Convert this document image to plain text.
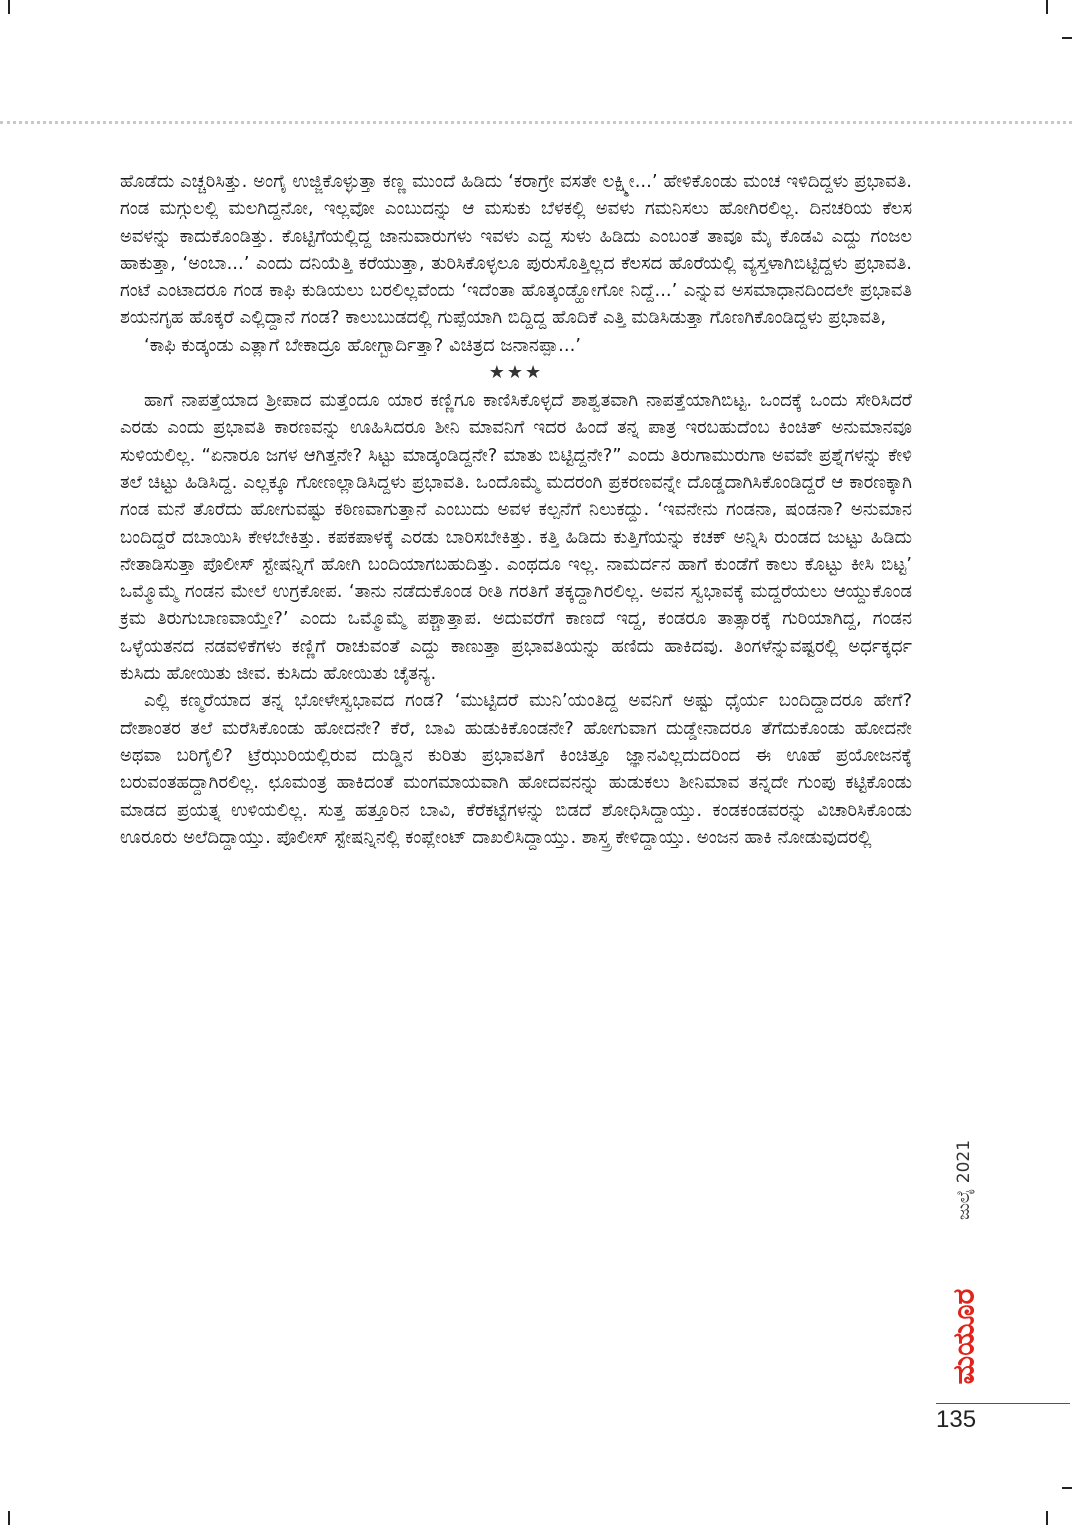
ಹೊಡೆದು ಎಚ್ಚರಿಸಿತ್ತು. ಅಂಗೈ ಉಜ್ಜಿಕೊಳ್ಳುತ್ತಾ ಕಣ್ಣ ಮುಂದೆ ಹಿಡಿದು ‘ಕರಾಗ್ರೇ ವಸತೇ ಲಕ್ಷ್ಮೀ...’ ಹೇಳಿಕೊಂಡು ಮಂಚ ಇಳಿದಿದ್ದಳು ಪ್ರಭಾವತಿ. ಗಂಡ ಮಗ್ಗುಲಲ್ಲಿ ಮಲಗಿದ್ದನೋ, ಇಲ್ಲವೋ ಎಂಬುದನ್ನು ಆ ಮಸುಕು ಬೆಳಕಲ್ಲಿ ಅವಳು ಗಮನಿಸಲು ಹೋಗಿರಲಿಲ್ಲ. ದಿನಚರಿಯ ಕೆಲಸ ಅವಳನ್ನು ಕಾದುಕೊಂಡಿತ್ತು. ಕೊಟ್ಟಿಗೆಯಲ್ಲಿದ್ದ ಜಾನುವಾರುಗಳು ಇವಳು ಎದ್ದ ಸುಳು ಹಿಡಿದು ಎಂಬಂತೆ ತಾವೂ ಮೈ ಕೊಡವಿ ಎದ್ದು ಗಂಜಲ ಹಾಕುತ್ತಾ, ‘ಅಂಬಾ...’ ಎಂದು ದನಿಯೆತ್ತಿ ಕರೆಯುತ್ತಾ, ತುರಿಸಿಕೊಳ್ಳಲೂ ಪುರುಸೊತ್ತಿಲ್ಲದ ಕೆಲಸದ ಹೊರೆಯಲ್ಲಿ ವ್ಯಸ್ತಳಾಗಿಬಿಟ್ಟಿದ್ದಳು ಪ್ರಭಾವತಿ. ಗಂಟೆ ಎಂಟಾದರೂ ಗಂಡ ಕಾಫಿ ಕುಡಿಯಲು ಬರಲಿಲ್ಲವೆಂದು ‘ಇದೆಂತಾ ಹೊತ್ಕಂಡ್ಹೋಗೋ ನಿದ್ದೆ...’ ಎನ್ನುವ ಅಸಮಾಧಾನದಿಂದಲೇ ಪ್ರಭಾವತಿ ಶಯನಗೃಹ ಹೊಕ್ಕರೆ ಎಲ್ಲಿದ್ದಾನೆ ಗಂಡ? ಕಾಲುಬುಡದಲ್ಲಿ ಗುಪ್ಪೆಯಾಗಿ ಬಿದ್ದಿದ್ದ ಹೊದಿಕೆ ಎತ್ತಿ ಮಡಿಸಿಡುತ್ತಾ ಗೊಣಗಿಕೊಂಡಿದ್ದಳು ಪ್ರಭಾವತಿ,

‘ಕಾಫಿ ಕುಡ್ಕಂಡು ಎತ್ಲಾಗೆ ಬೇಕಾದ್ರೂ ಹೋಗ್ಬಾರ್ದಿತ್ತಾ? ವಿಚಿತ್ರದ ಜನಾನಪ್ಪಾ...’

★★★

ಹಾಗೆ ನಾಪತ್ತೆಯಾದ ಶ್ರೀಪಾದ ಮತ್ತೆಂದೂ ಯಾರ ಕಣ್ಣಿಗೂ ಕಾಣಿಸಿಕೊಳ್ಳದೆ ಶಾಶ್ವತವಾಗಿ ನಾಪತ್ತೆಯಾಗಿಬಿಟ್ಟ. ಒಂದಕ್ಕೆ ಒಂದು ಸೇರಿಸಿದರೆ ಎರಡು ಎಂದು ಪ್ರಭಾವತಿ ಕಾರಣವನ್ನು ಊಹಿಸಿದರೂ ಶೀನಿ ಮಾವನಿಗೆ ಇದರ ಹಿಂದೆ ತನ್ನ ಪಾತ್ರ ಇರಬಹುದೆಂಬ ಕಿಂಚಿತ್ ಅನುಮಾನವೂ ಸುಳಿಯಲಿಲ್ಲ. “ಏನಾರೂ ಜಗಳ ಆಗಿತ್ತನೇ? ಸಿಟ್ಟು ಮಾಡ್ಕಂಡಿದ್ದನೇ? ಮಾತು ಬಿಟ್ಟಿದ್ದನೇ?” ಎಂದು ತಿರುಗಾಮುರುಗಾ ಅವವೇ ಪ್ರಶ್ನೆಗಳನ್ನು ಕೇಳಿ ತಲೆ ಚಿಟ್ಟು ಹಿಡಿಸಿದ್ದ. ಎಲ್ಲಕ್ಕೂ ಗೋಣಲ್ಲಾಡಿಸಿದ್ದಳು ಪ್ರಭಾವತಿ. ಒಂದೊಮ್ಮೆ ಮದರಂಗಿ ಪ್ರಕರಣವನ್ನೇ ದೊಡ್ಡದಾಗಿಸಿಕೊಂಡಿದ್ದರೆ ಆ ಕಾರಣಕ್ಕಾಗಿ ಗಂಡ ಮನೆ ತೊರೆದು ಹೋಗುವಷ್ಟು ಕಠಿಣವಾಗುತ್ತಾನೆ ಎಂಬುದು ಅವಳ ಕಲ್ಪನೆಗೆ ನಿಲುಕದ್ದು. ‘ಇವನೇನು ಗಂಡನಾ, ಷಂಡನಾ? ಅನುಮಾನ ಬಂದಿದ್ದರೆ ದಬಾಯಿಸಿ ಕೇಳಬೇಕಿತ್ತು. ಕಪಕಪಾಳಕ್ಕೆ ಎರಡು ಬಾರಿಸಬೇಕಿತ್ತು. ಕತ್ತಿ ಹಿಡಿದು ಕುತ್ತಿಗೆಯನ್ನು ಕಚಕ್ ಅನ್ನಿಸಿ ರುಂಡದ ಜುಟ್ಟು ಹಿಡಿದು ನೇತಾಡಿಸುತ್ತಾ ಪೊಲೀಸ್ ಸ್ಟೇಷನ್ನಿಗೆ ಹೋಗಿ ಬಂದಿಯಾಗಬಹುದಿತ್ತು. ಎಂಥದೂ ಇಲ್ಲ. ನಾಮರ್ದನ ಹಾಗೆ ಕುಂಡೆಗೆ ಕಾಲು ಕೊಟ್ಟು ಕೀಸಿ ಬಿಟ್ಟ’ ಒಮ್ಮೊಮ್ಮೆ ಗಂಡನ ಮೇಲೆ ಉಗ್ರಕೋಪ. ‘ತಾನು ನಡೆದುಕೊಂಡ ರೀತಿ ಗರತಿಗೆ ತಕ್ಕದ್ದಾಗಿರಲಿಲ್ಲ. ಅವನ ಸ್ವಭಾವಕ್ಕೆ ಮದ್ದರೆಯಲು ಆಯ್ದುಕೊಂಡ ಕ್ರಮ ತಿರುಗುಬಾಣವಾಯ್ತೇ?’ ಎಂದು ಒಮ್ಮೊಮ್ಮೆ ಪಶ್ಚಾತ್ತಾಪ. ಅದುವರೆಗೆ ಕಾಣದೆ ಇದ್ದ, ಕಂಡರೂ ತಾತ್ಸಾರಕ್ಕೆ ಗುರಿಯಾಗಿದ್ದ, ಗಂಡನ ಒಳ್ಳೆಯತನದ ನಡವಳಿಕೆಗಳು ಕಣ್ಣಿಗೆ ರಾಚುವಂತೆ ಎದ್ದು ಕಾಣುತ್ತಾ ಪ್ರಭಾವತಿಯನ್ನು ಹಣಿದು ಹಾಕಿದವು. ತಿಂಗಳೆನ್ನುವಷ್ಟರಲ್ಲಿ ಅರ್ಧಕ್ಕರ್ಧ ಕುಸಿದು ಹೋಯಿತು ಜೀವ. ಕುಸಿದು ಹೋಯಿತು ಚೈತನ್ಯ.

ಎಲ್ಲಿ ಕಣ್ಮರೆಯಾದ ತನ್ನ ಭೋಳೇಸ್ವಭಾವದ ಗಂಡ? ‘ಮುಟ್ಟಿದರೆ ಮುನಿ’ಯಂತಿದ್ದ ಅವನಿಗೆ ಅಷ್ಟು ಧೈರ್ಯ ಬಂದಿದ್ದಾದರೂ ಹೇಗೆ? ದೇಶಾಂತರ ತಲೆ ಮರೆಸಿಕೊಂಡು ಹೋದನೇ? ಕೆರೆ, ಬಾವಿ ಹುಡುಕಿಕೊಂಡನೇ? ಹೋಗುವಾಗ ದುಡ್ಡೇನಾದರೂ ತೆಗೆದುಕೊಂಡು ಹೋದನೇ ಅಥವಾ ಬರಿಗೈಲಿ? ಟ್ರೆಝುರಿಯಲ್ಲಿರುವ ದುಡ್ಡಿನ ಕುರಿತು ಪ್ರಭಾವತಿಗೆ ಕಿಂಚಿತ್ತೂ ಜ್ಞಾನವಿಲ್ಲದುದರಿಂದ ಈ ಊಹೆ ಪ್ರಯೋಜನಕ್ಕೆ ಬರುವಂತಹದ್ದಾಗಿರಲಿಲ್ಲ. ಛೂಮಂತ್ರ ಹಾಕಿದಂತೆ ಮಂಗಮಾಯವಾಗಿ ಹೋದವನನ್ನು ಹುಡುಕಲು ಶೀನಿಮಾವ ತನ್ನದೇ ಗುಂಪು ಕಟ್ಟಿಕೊಂಡು ಮಾಡದ ಪ್ರಯತ್ನ ಉಳಿಯಲಿಲ್ಲ. ಸುತ್ತ ಹತ್ತೂರಿನ ಬಾವಿ, ಕೆರೆಕಟ್ಟೆಗಳನ್ನು ಬಿಡದೆ ಶೋಧಿಸಿದ್ದಾಯ್ತು. ಕಂಡಕಂಡವರನ್ನು ವಿಚಾರಿಸಿಕೊಂಡು ಊರೂರು ಅಲೆದಿದ್ದಾಯ್ತು. ಪೊಲೀಸ್ ಸ್ಟೇಷನ್ನಿನಲ್ಲಿ ಕಂಪ್ಲೇಂಟ್ ದಾಖಲಿಸಿದ್ದಾಯ್ತು. ಶಾಸ್ತ್ರ ಕೇಳಿದ್ದಾಯ್ತು. ಅಂಜನ ಹಾಕಿ ನೋಡುವುದರಲ್ಲಿ

ಜುಲೈ 2021
ಮಯೂರ
135
